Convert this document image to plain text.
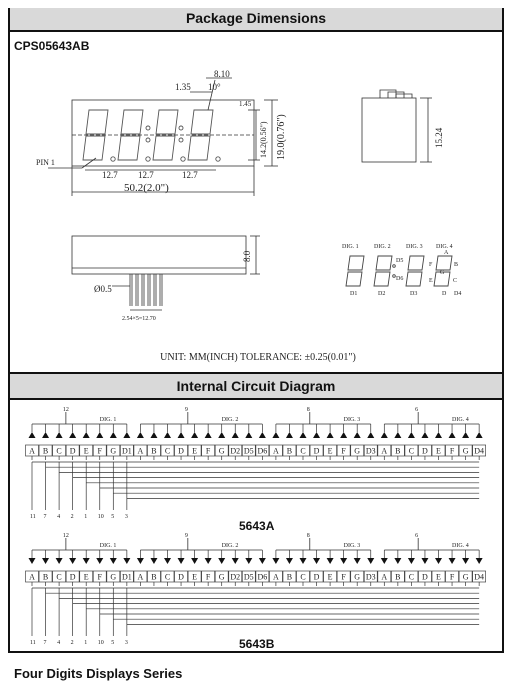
Package Dimensions
CPS05643AB
8.10
1.35 10°
1.45
14.2(0.56") 19.0(0.76")
12.7 12.7	12.7
50.2(2.0")
PIN 1
15.24
8.0
Ø0.5
2.54×5=12.70
DIG. 1	DIG. 2	DIG. 3 DIG. 4
A
B
C
F
G
E
D5
D6
D1	D2	D3	D D4
UNIT: MM(INCH) TOLERANCE: ±0.25(0.01")
DIG. 1
12
DIG. 2
9
DIG. 3
8
DIG. 4
6
A B C D E F G D1 A B C D E F G D2 D5 D6 A B C D E F G D3 A B C D E F G D4
11 7 4 2 1 10 5 3
DIG. 1
12
DIG. 2
9
DIG. 3
8
DIG. 4
6
A B C D E F G D1 A B C D E F G D2 D5 D6 A B C D E F G D3 A B C D E F G D4
11 7 4 2 1 10 5 3
Internal Circuit Diagram
5643A
5643B
Four Digits Displays Series
